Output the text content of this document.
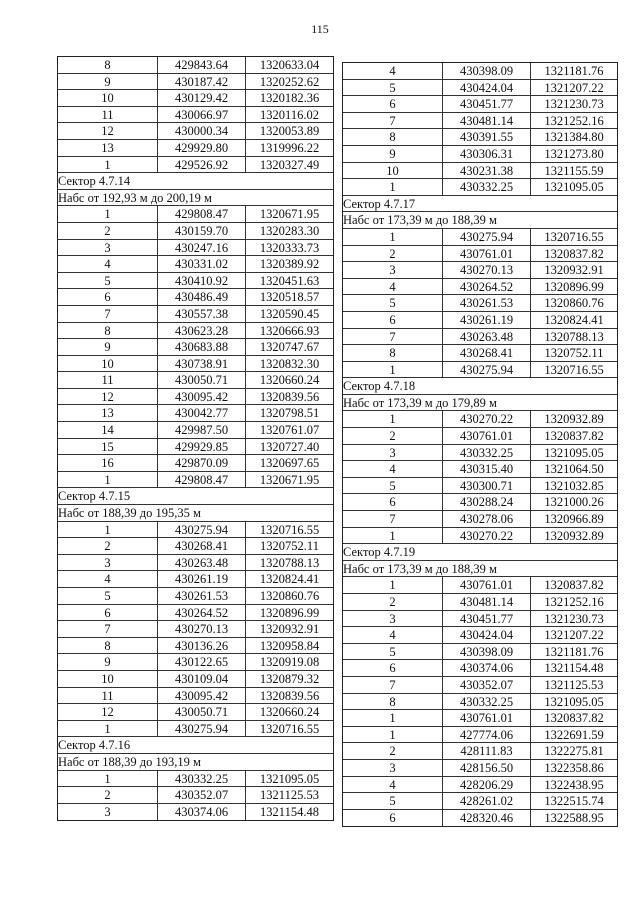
115
8	429843.64	1320633.04
9	430187.42	1320252.62
10	430129.42	1320182.36
11	430066.97	1320116.02
12	430000.34	1320053.89
13	429929.80	1319996.22
1	429526.92	1320327.49
Сектор 4.7.14
Набс от 192,93 м до 200,19 м
1	429808.47	1320671.95
2	430159.70	1320283.30
3	430247.16	1320333.73
4	430331.02	1320389.92
5	430410.92	1320451.63
6	430486.49	1320518.57
7	430557.38	1320590.45
8	430623.28	1320666.93
9	430683.88	1320747.67
10	430738.91	1320832.30
11	430050.71	1320660.24
12	430095.42	1320839.56
13	430042.77	1320798.51
14	429987.50	1320761.07
15	429929.85	1320727.40
16	429870.09	1320697.65
1	429808.47	1320671.95
Сектор 4.7.15
Набс от 188,39 до 195,35 м
1	430275.94	1320716.55
2	430268.41	1320752.11
3	430263.48	1320788.13
4	430261.19	1320824.41
5	430261.53	1320860.76
6	430264.52	1320896.99
7	430270.13	1320932.91
8	430136.26	1320958.84
9	430122.65	1320919.08
10	430109.04	1320879.32
11	430095.42	1320839.56
12	430050.71	1320660.24
1	430275.94	1320716.55
Сектор 4.7.16
Набс от 188,39 до 193,19 м
1	430332.25	1321095.05
2	430352.07	1321125.53
3	430374.06	1321154.48
4	430398.09	1321181.76
5	430424.04	1321207.22
6	430451.77	1321230.73
7	430481.14	1321252.16
8	430391.55	1321384.80
9	430306.31	1321273.80
10	430231.38	1321155.59
1	430332.25	1321095.05
Сектор 4.7.17
Набс от 173,39 м до 188,39 м
1	430275.94	1320716.55
2	430761.01	1320837.82
3	430270.13	1320932.91
4	430264.52	1320896.99
5	430261.53	1320860.76
6	430261.19	1320824.41
7	430263.48	1320788.13
8	430268.41	1320752.11
1	430275.94	1320716.55
Сектор 4.7.18
Набс от 173,39 м до 179,89 м
1	430270.22	1320932.89
2	430761.01	1320837.82
3	430332.25	1321095.05
4	430315.40	1321064.50
5	430300.71	1321032.85
6	430288.24	1321000.26
7	430278.06	1320966.89
1	430270.22	1320932.89
Сектор 4.7.19
Набс от 173,39 м до 188,39 м
1	430761.01	1320837.82
2	430481.14	1321252.16
3	430451.77	1321230.73
4	430424.04	1321207.22
5	430398.09	1321181.76
6	430374.06	1321154.48
7	430352.07	1321125.53
8	430332.25	1321095.05
1	430761.01	1320837.82
1	427774.06	1322691.59
2	428111.83	1322275.81
3	428156.50	1322358.86
4	428206.29	1322438.95
5	428261.02	1322515.74
6	428320.46	1322588.95
